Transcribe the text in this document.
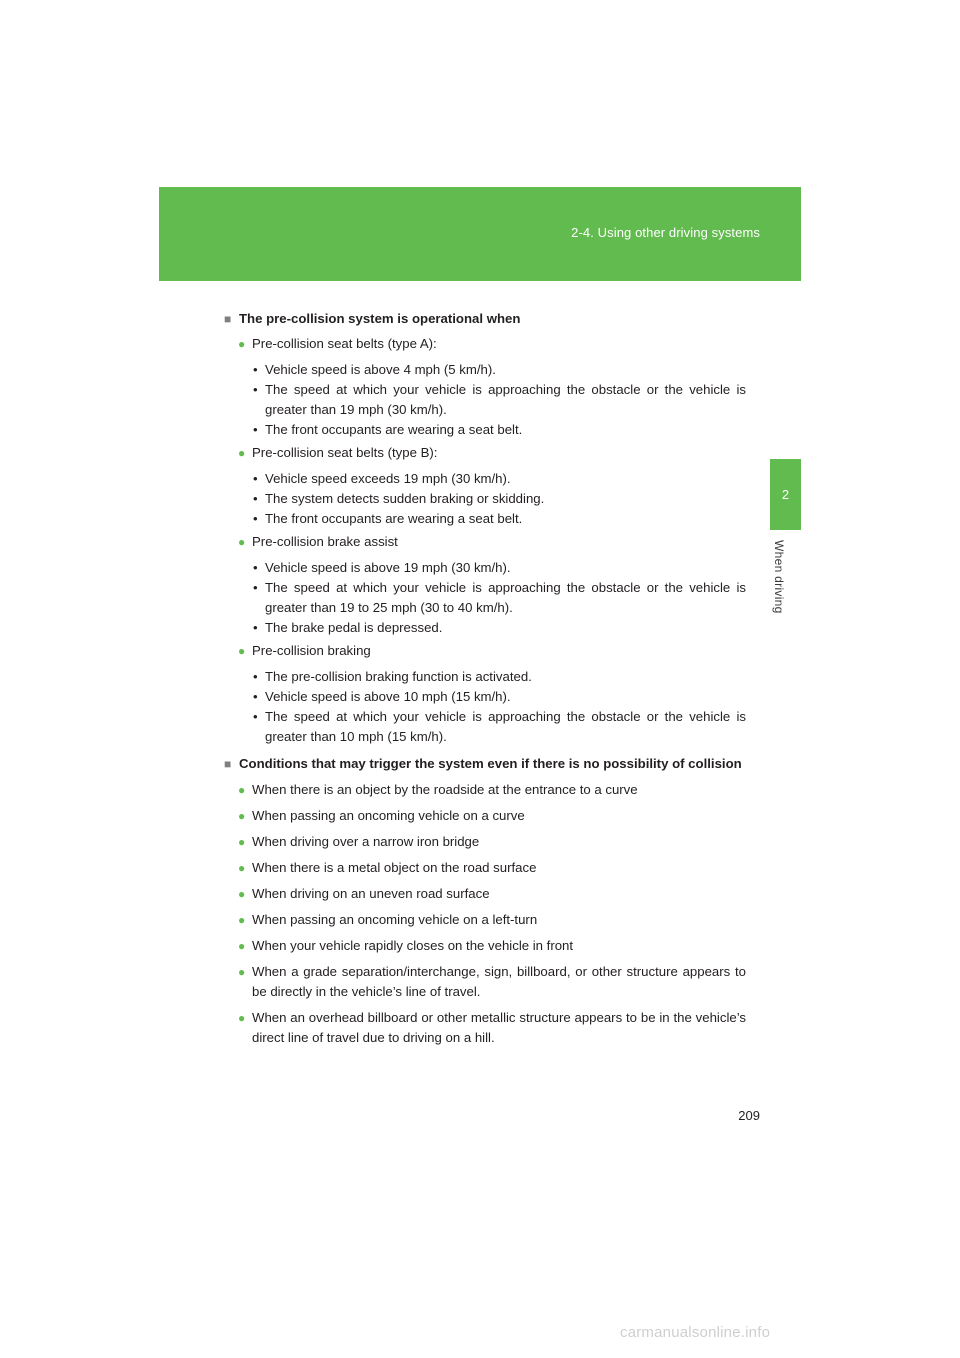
2-4. Using other driving systems
2
When driving
■ The pre-collision system is operational when
● Pre-collision seat belts (type A):
• Vehicle speed is above 4 mph (5 km/h).
• The speed at which your vehicle is approaching the obstacle or the vehicle is greater than 19 mph (30 km/h).
• The front occupants are wearing a seat belt.
● Pre-collision seat belts (type B):
• Vehicle speed exceeds 19 mph (30 km/h).
• The system detects sudden braking or skidding.
• The front occupants are wearing a seat belt.
● Pre-collision brake assist
• Vehicle speed is above 19 mph (30 km/h).
• The speed at which your vehicle is approaching the obstacle or the vehicle is greater than 19 to 25 mph (30 to 40 km/h).
• The brake pedal is depressed.
● Pre-collision braking
• The pre-collision braking function is activated.
• Vehicle speed is above 10 mph (15 km/h).
• The speed at which your vehicle is approaching the obstacle or the vehicle is greater than 10 mph (15 km/h).
■ Conditions that may trigger the system even if there is no possibility of collision
● When there is an object by the roadside at the entrance to a curve
● When passing an oncoming vehicle on a curve
● When driving over a narrow iron bridge
● When there is a metal object on the road surface
● When driving on an uneven road surface
● When passing an oncoming vehicle on a left-turn
● When your vehicle rapidly closes on the vehicle in front
● When a grade separation/interchange, sign, billboard, or other structure appears to be directly in the vehicle’s line of travel.
● When an overhead billboard or other metallic structure appears to be in the vehicle’s direct line of travel due to driving on a hill.
209
carmanualsonline.info
